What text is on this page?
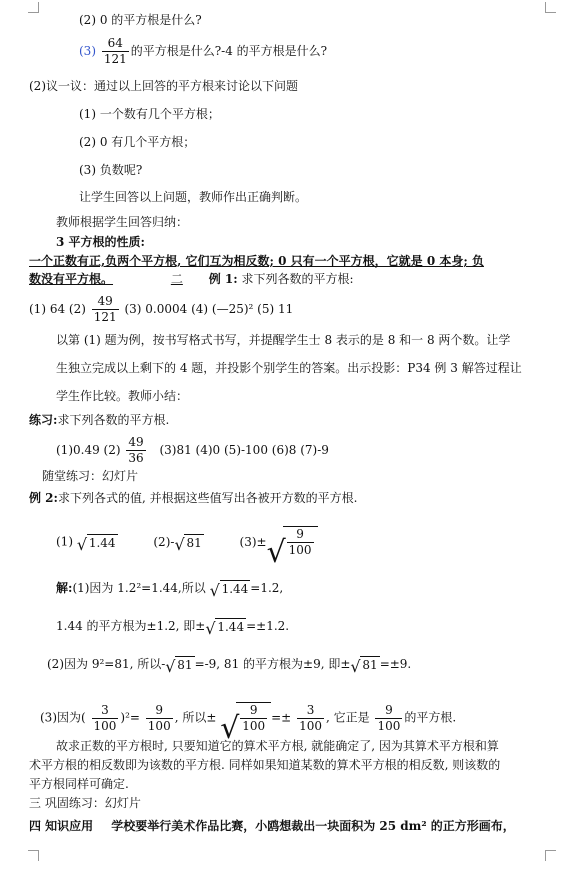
(2) 0 的平方根是什么?
$(3) \frac{64}{121}$ 的平方根是什么?-4 的平方根是什么?
(2)议一议：通过以上回答的平方根来讨论以下问题
(1) 一个数有几个平方根；
(2) 0 有几个平方根；
(3) 负数呢?
让学生回答以上问题，教师作出正确判断。
教师根据学生回答归纳：
3 平方根的性质:
一个正数有正,负两个平方根, 它们互为相反数; 0 只有一个平方根，它就是 0 本身; 负
数没有平方根。	二 例 1: 求下列各数的平方根:
(1) 64 $(2) \frac{49}{121} (3)$ 0.0004 (4) (—25)² (5) 11
以第 (1) 题为例，按书写格式书写，并提醒学生士 8 表示的是 8 和一 8 两个数。让学
生独立完成以上剩下的 4 题，并投影个别学生的答案。出示投影：P34 例 3 解答过程让
学生作比较。教师小结：
练习:求下列各数的平方根.
(1)0.49 $(2) \frac{49}{36} (3)81$ (4)0 (5)-100 (6)8 (7)-9
随堂练习：幻灯片
例 2:求下列各式的值, 并根据这些值写出各被开方数的平方根.
(1) √ 1.44	(2)- √ 81	(3)± √ $\frac{9}{100}$
解:(1)因为 1.2²=1.44,所以 √ 1.44 =1.2,
1.44 的平方根为±1.2, 即± √ 1.44 =±1.2.
(2)因为 9²=81, 所以- √ 81 =-9, 81 的平方根为±9, 即± √ 81 =±9.
(3)因为( $\frac{3}{100} )^2= \frac{9}{100}$ , 所以± √ $\frac{9}{100} =\pm \frac{3}{100}$ , 它正是 $\frac{9}{100}$ 的平方根.
故求正数的平方根时, 只要知道它的算术平方根, 就能确定了, 因为其算术平方根和算
术平方根的相反数即为该数的平方根. 同样如果知道某数的算术平方根的相反数, 则该数的
平方根同样可确定.
三 巩固练习：幻灯片
四 知识应用 学校要举行美术作品比赛，小鸥想裁出一块面积为 25 dm² 的正方形画布，
